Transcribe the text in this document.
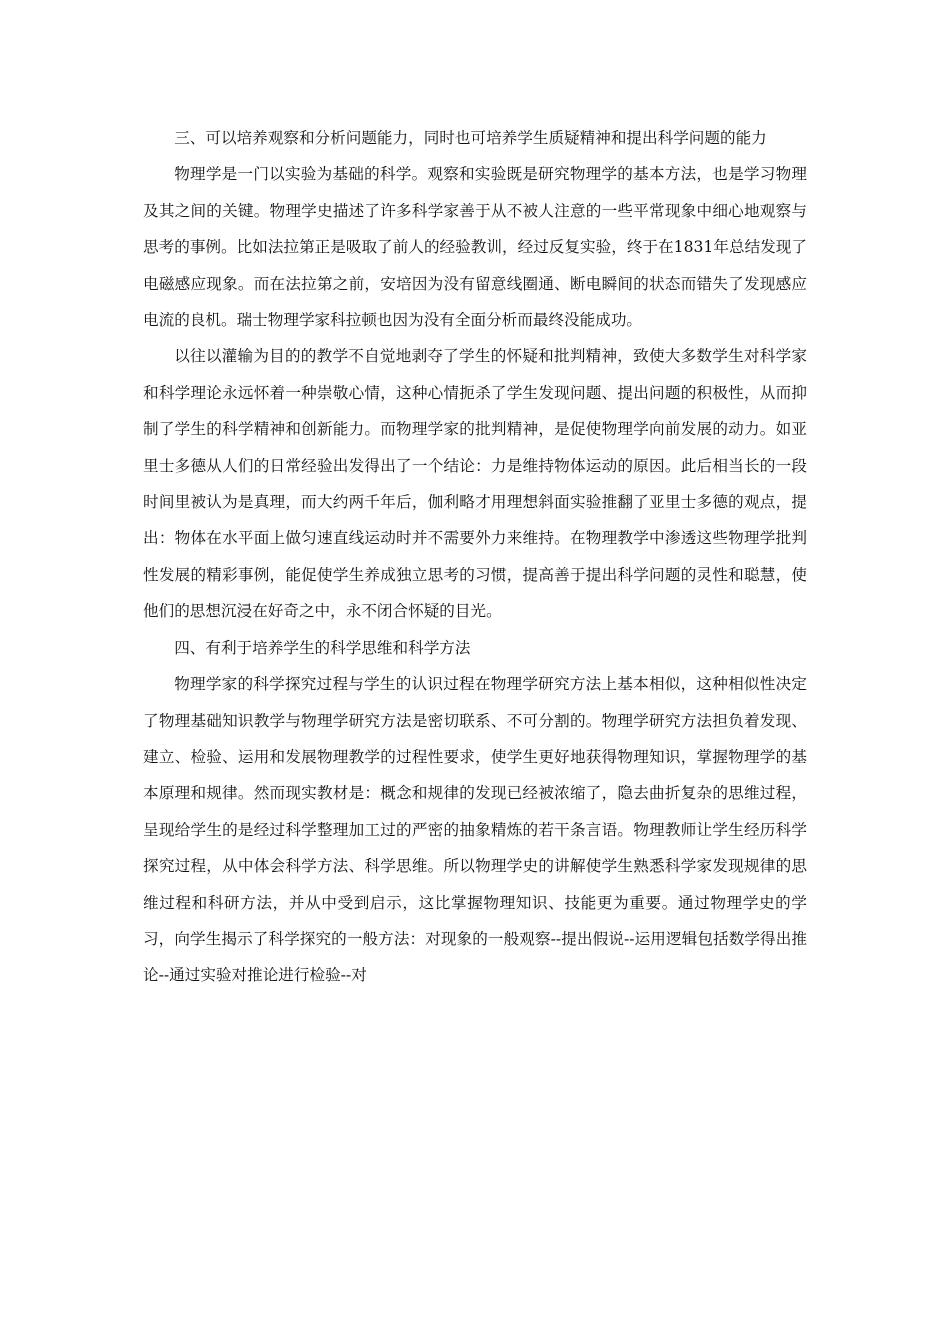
三、可以培养观察和分析问题能力，同时也可培养学生质疑精神和提出科学问题的能力

物理学是一门以实验为基础的科学。观察和实验既是研究物理学的基本方法，也是学习物理及其之间的关键。物理学史描述了许多科学家善于从不被人注意的一些平常现象中细心地观察与思考的事例。比如法拉第正是吸取了前人的经验教训，经过反复实验，终于在1831年总结发现了电磁感应现象。而在法拉第之前，安培因为没有留意线圈通、断电瞬间的状态而错失了发现感应电流的良机。瑞士物理学家科拉顿也因为没有全面分析而最终没能成功。

以往以灌输为目的的教学不自觉地剥夺了学生的怀疑和批判精神，致使大多数学生对科学家和科学理论永远怀着一种崇敬心情，这种心情扼杀了学生发现问题、提出问题的积极性，从而抑制了学生的科学精神和创新能力。而物理学家的批判精神，是促使物理学向前发展的动力。如亚里士多德从人们的日常经验出发得出了一个结论：力是维持物体运动的原因。此后相当长的一段时间里被认为是真理，而大约两千年后，伽利略才用理想斜面实验推翻了亚里士多德的观点，提出：物体在水平面上做匀速直线运动时并不需要外力来维持。在物理教学中渗透这些物理学批判性发展的精彩事例，能促使学生养成独立思考的习惯，提高善于提出科学问题的灵性和聪慧，使他们的思想沉浸在好奇之中，永不闭合怀疑的目光。

四、有利于培养学生的科学思维和科学方法

物理学家的科学探究过程与学生的认识过程在物理学研究方法上基本相似，这种相似性决定了物理基础知识教学与物理学研究方法是密切联系、不可分割的。物理学研究方法担负着发现、建立、检验、运用和发展物理教学的过程性要求，使学生更好地获得物理知识，掌握物理学的基本原理和规律。然而现实教材是：概念和规律的发现已经被浓缩了，隐去曲折复杂的思维过程，呈现给学生的是经过科学整理加工过的严密的抽象精炼的若干条言语。物理教师让学生经历科学探究过程，从中体会科学方法、科学思维。所以物理学史的讲解使学生熟悉科学家发现规律的思维过程和科研方法，并从中受到启示，这比掌握物理知识、技能更为重要。通过物理学史的学习，向学生揭示了科学探究的一般方法：对现象的一般观察--提出假说--运用逻辑包括数学得出推论--通过实验对推论进行检验--对
